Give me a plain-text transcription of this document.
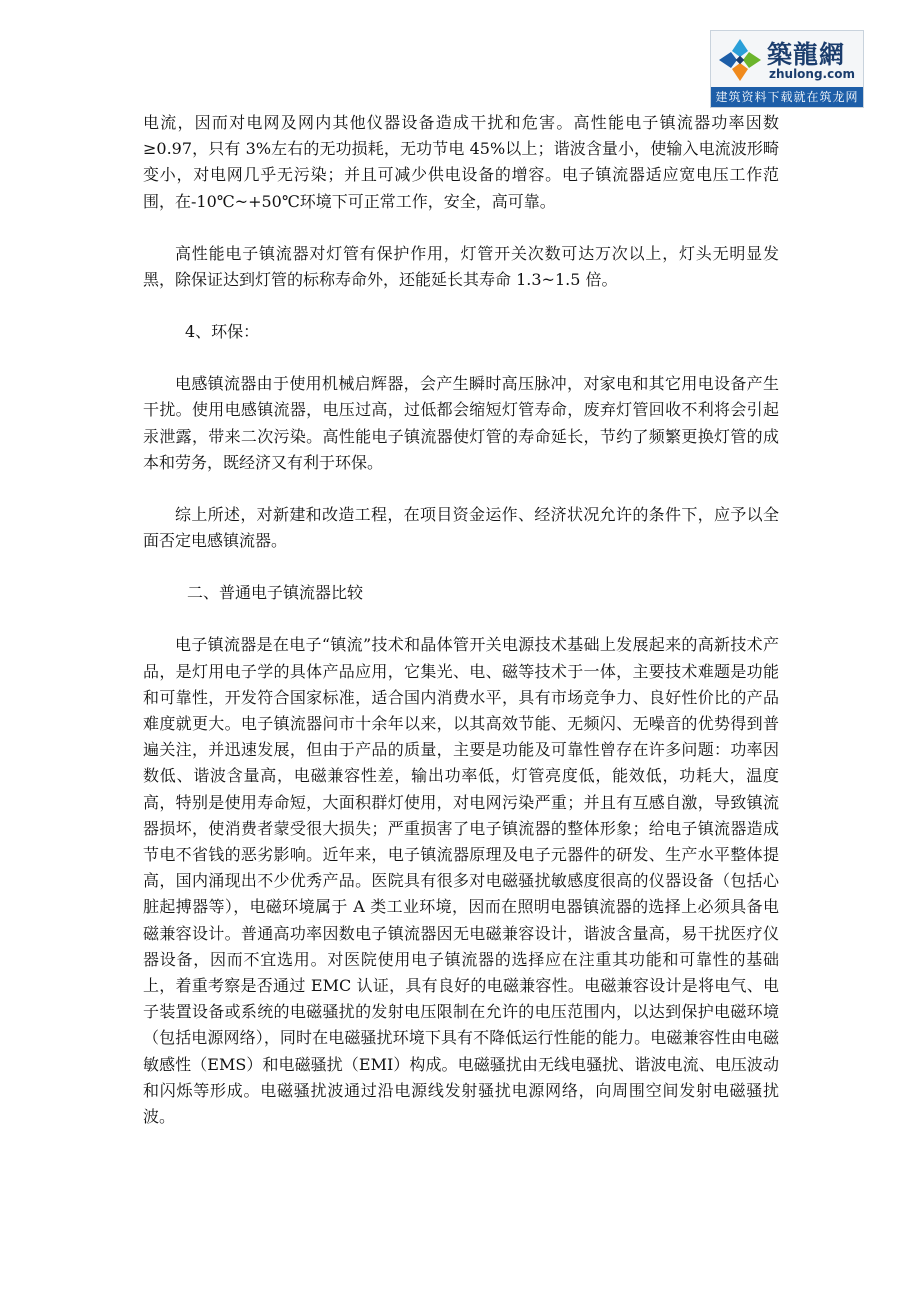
築龍網
zhulong.com
建筑资料下载就在筑龙网

电流，因而对电网及网内其他仪器设备造成干扰和危害。高性能电子镇流器功率因数≥0.97，只有 3%左右的无功损耗，无功节电 45%以上；谐波含量小，使输入电流波形畸变小，对电网几乎无污染；并且可减少供电设备的增容。电子镇流器适应宽电压工作范围，在-10℃~+50℃环境下可正常工作，安全，高可靠。

高性能电子镇流器对灯管有保护作用，灯管开关次数可达万次以上，灯头无明显发黑，除保证达到灯管的标称寿命外，还能延长其寿命 1.3~1.5 倍。

4、环保：

电感镇流器由于使用机械启辉器，会产生瞬时高压脉冲，对家电和其它用电设备产生干扰。使用电感镇流器，电压过高，过低都会缩短灯管寿命，废弃灯管回收不利将会引起汞泄露，带来二次污染。高性能电子镇流器使灯管的寿命延长，节约了频繁更换灯管的成本和劳务，既经济又有利于环保。

综上所述，对新建和改造工程，在项目资金运作、经济状况允许的条件下，应予以全面否定电感镇流器。

二、普通电子镇流器比较

电子镇流器是在电子“镇流”技术和晶体管开关电源技术基础上发展起来的高新技术产品，是灯用电子学的具体产品应用，它集光、电、磁等技术于一体，主要技术难题是功能和可靠性，开发符合国家标准，适合国内消费水平，具有市场竞争力、良好性价比的产品难度就更大。电子镇流器问市十余年以来，以其高效节能、无频闪、无噪音的优势得到普遍关注，并迅速发展，但由于产品的质量，主要是功能及可靠性曾存在许多问题：功率因数低、谐波含量高，电磁兼容性差，输出功率低，灯管亮度低，能效低，功耗大，温度高，特别是使用寿命短，大面积群灯使用，对电网污染严重；并且有互感自激，导致镇流器损坏，使消费者蒙受很大损失；严重损害了电子镇流器的整体形象；给电子镇流器造成节电不省钱的恶劣影响。近年来，电子镇流器原理及电子元器件的研发、生产水平整体提高，国内涌现出不少优秀产品。医院具有很多对电磁骚扰敏感度很高的仪器设备（包括心脏起搏器等），电磁环境属于 A 类工业环境，因而在照明电器镇流器的选择上必须具备电磁兼容设计。普通高功率因数电子镇流器因无电磁兼容设计，谐波含量高，易干扰医疗仪器设备，因而不宜选用。对医院使用电子镇流器的选择应在注重其功能和可靠性的基础上，着重考察是否通过 EMC 认证，具有良好的电磁兼容性。电磁兼容设计是将电气、电子装置设备或系统的电磁骚扰的发射电压限制在允许的电压范围内，以达到保护电磁环境（包括电源网络），同时在电磁骚扰环境下具有不降低运行性能的能力。电磁兼容性由电磁敏感性（EMS）和电磁骚扰（EMI）构成。电磁骚扰由无线电骚扰、谐波电流、电压波动和闪烁等形成。电磁骚扰波通过沿电源线发射骚扰电源网络，向周围空间发射电磁骚扰波。
